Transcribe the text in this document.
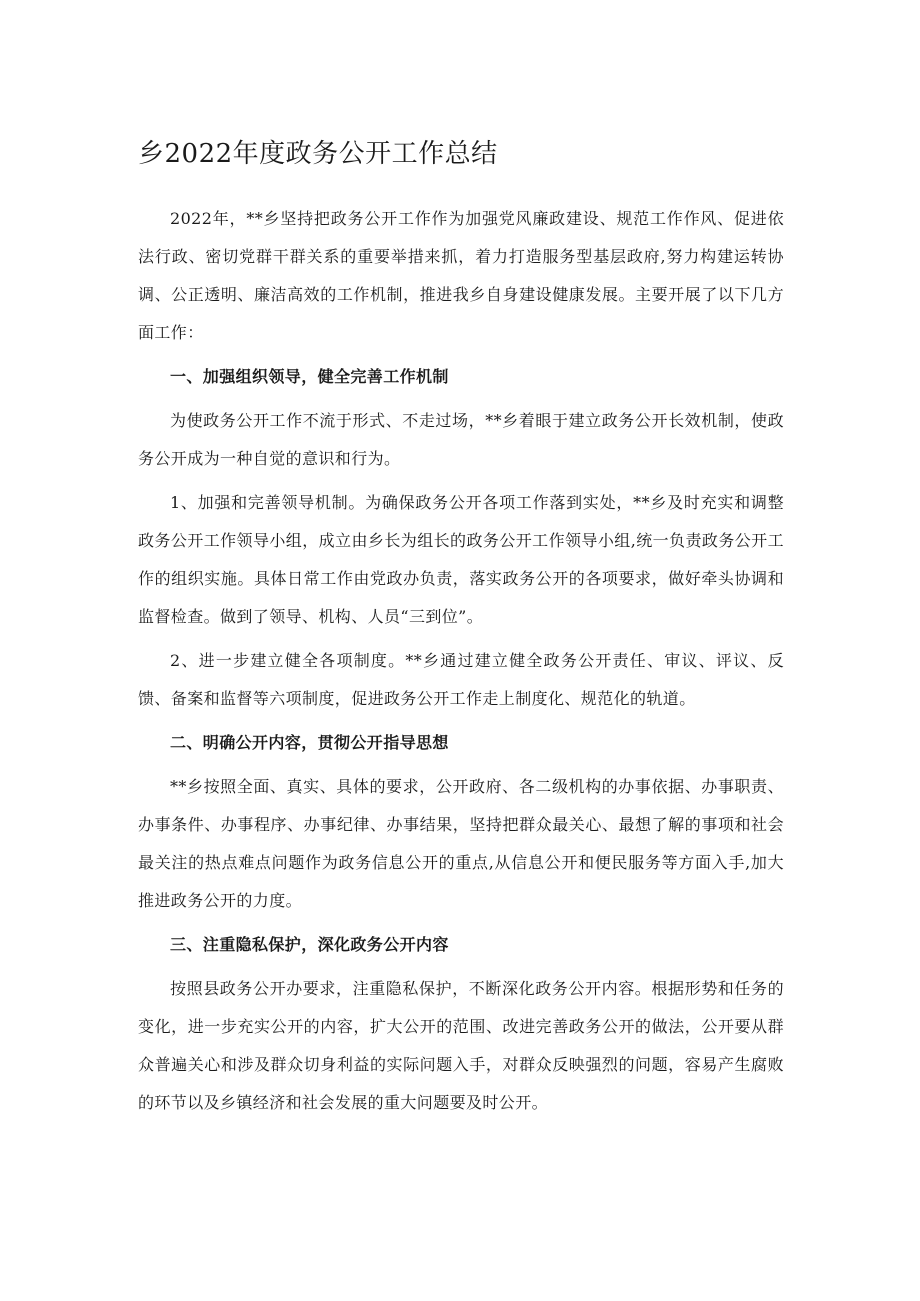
乡2022年度政务公开工作总结

2022年，**乡坚持把政务公开工作作为加强党风廉政建设、规范工作作风、促进依法行政、密切党群干群关系的重要举措来抓，着力打造服务型基层政府,努力构建运转协调、公正透明、廉洁高效的工作机制，推进我乡自身建设健康发展。主要开展了以下几方面工作：

一、加强组织领导，健全完善工作机制

为使政务公开工作不流于形式、不走过场，**乡着眼于建立政务公开长效机制，使政务公开成为一种自觉的意识和行为。

1、加强和完善领导机制。为确保政务公开各项工作落到实处，**乡及时充实和调整政务公开工作领导小组，成立由乡长为组长的政务公开工作领导小组,统一负责政务公开工作的组织实施。具体日常工作由党政办负责，落实政务公开的各项要求，做好牵头协调和监督检查。做到了领导、机构、人员“三到位”。

2、进一步建立健全各项制度。**乡通过建立健全政务公开责任、审议、评议、反馈、备案和监督等六项制度，促进政务公开工作走上制度化、规范化的轨道。

二、明确公开内容，贯彻公开指导思想

**乡按照全面、真实、具体的要求，公开政府、各二级机构的办事依据、办事职责、办事条件、办事程序、办事纪律、办事结果，坚持把群众最关心、最想了解的事项和社会最关注的热点难点问题作为政务信息公开的重点,从信息公开和便民服务等方面入手,加大推进政务公开的力度。

三、注重隐私保护，深化政务公开内容

按照县政务公开办要求，注重隐私保护，不断深化政务公开内容。根据形势和任务的变化，进一步充实公开的内容，扩大公开的范围、改进完善政务公开的做法，公开要从群众普遍关心和涉及群众切身利益的实际问题入手，对群众反映强烈的问题，容易产生腐败的环节以及乡镇经济和社会发展的重大问题要及时公开。
